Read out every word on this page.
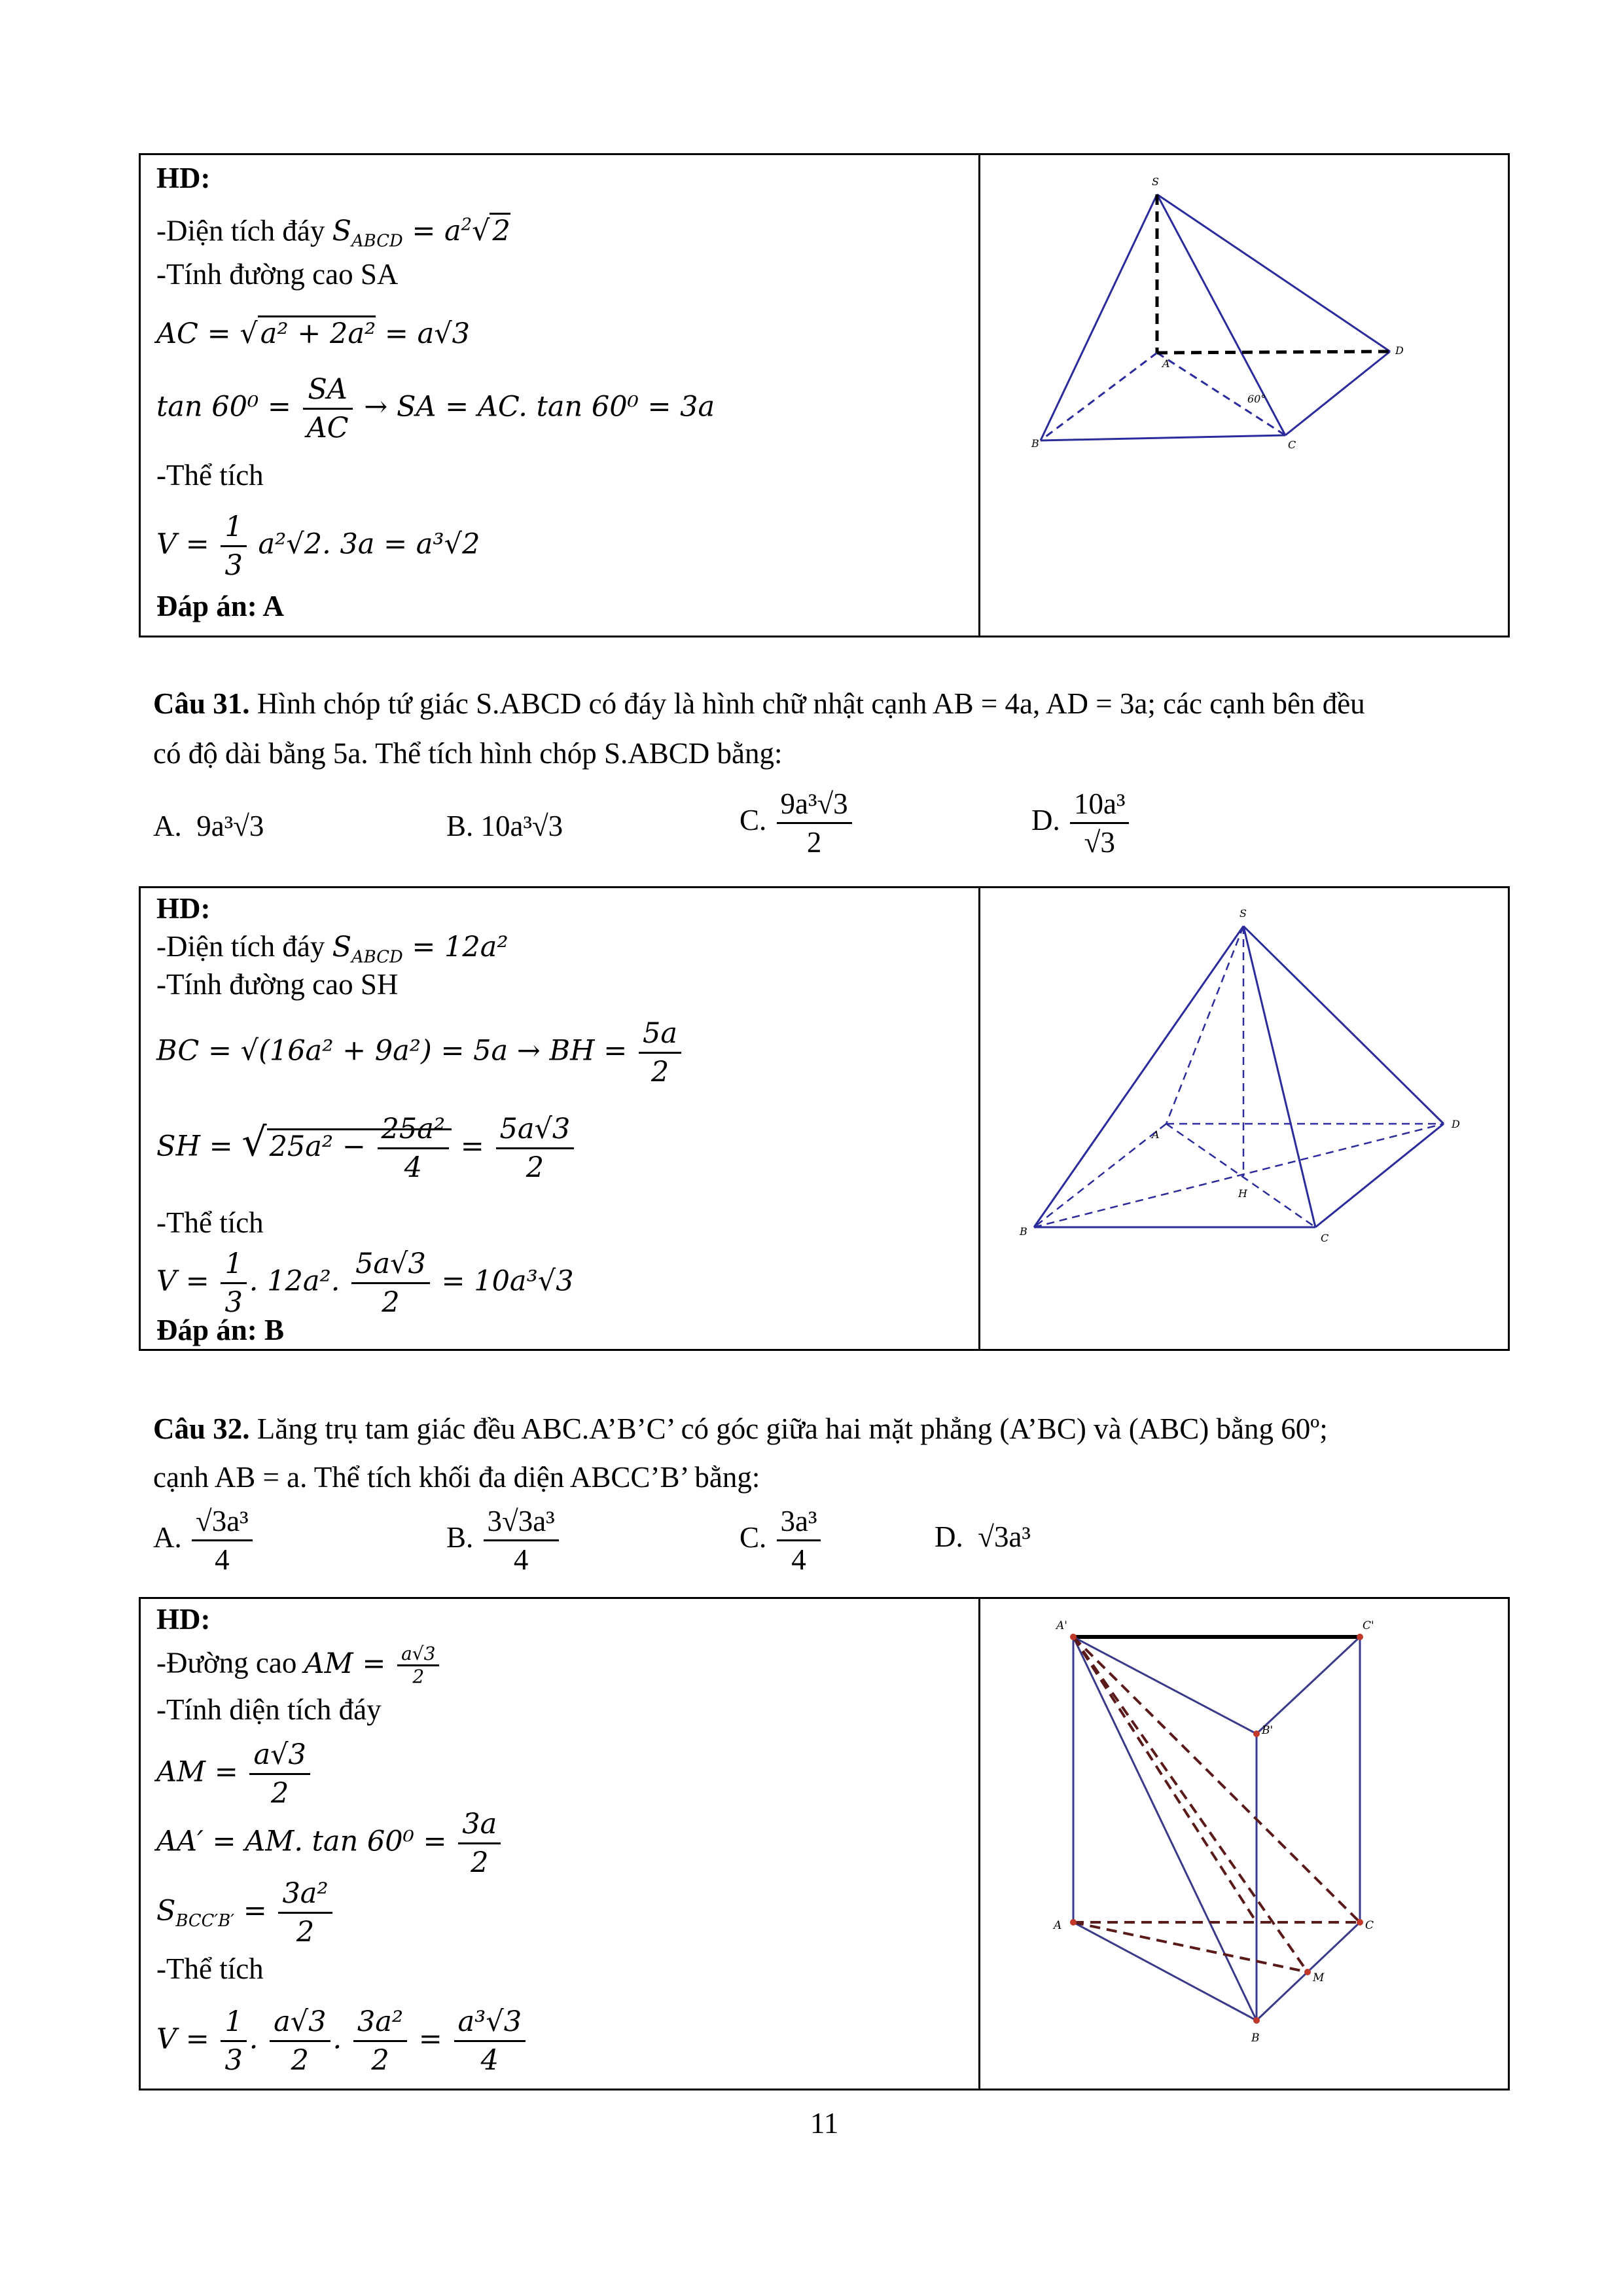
HD:
-Diện tích đáy $S_{ABCD} = a^2√2$
-Tính đường cao SA
AC = √a² + 2a² = a√3
$\tan 60^0 = \frac{SA}{AC}$ → SA = AC. tan 60⁰ = 3a
-Thể tích
$V = \frac{1}{3} a^2√2$. 3a = a³√2
Đáp án: A
S
A
B	C
D
60°
Câu 31. Hình chóp tứ giác S.ABCD có đáy là hình chữ nhật cạnh AB = 4a, AD = 3a; các cạnh bên đều
có độ dài bằng 5a. Thể tích hình chóp S.ABCD bằng:
A. 9a³√3	B. 10a³√3	C. $\frac{\text{9a³√3}}{2}$	D. $\frac{\text{10a³}}{√3}$
HD:
-Diện tích đáy $S_{ABCD} = 12a^2$
-Tính đường cao SH
BC = √(16a² + 9a²) = 5a → BH = $\frac{5a}{2}$
SH = $√25a^2 - \frac{\text{25a²}}{4} = \frac{5a√3}{2}$
-Thể tích
$V = \frac{1}{3}$ . 12a². $\frac{5a√3}{2} = 10a^3√3$
Đáp án: B
S
A
B
C
D
H
Câu 32. Lăng trụ tam giác đều ABC.A’B’C’ có góc giữa hai mặt phẳng (A’BC) và (ABC) bằng 60º;
cạnh AB = a. Thể tích khối đa diện ABCC’B’ bằng:
A. $\frac{\text{√3a³}}{4}$	B. $\frac{\text{3√3a³}}{4}$	C. $\frac{\text{3a³}}{4}$	D. √3a³
HD:
-Đường cao AM = $\frac{a√3}{2}$
-Tính diện tích đáy
AM = $\frac{a√3}{2}$
AA′ = AM. $\tan 60^0 = \frac{3a}{2}$
$S_{BCC'B'} = \frac{\text{3a²}}{2}$
-Thể tích
$V = \frac{1}{3}$ . $\frac{a√3}{2}$ . $\frac{\text{3a²}}{2} = \frac{\text{a³√3}}{4}$
A'	C'
B'
A	C
M
B
11
